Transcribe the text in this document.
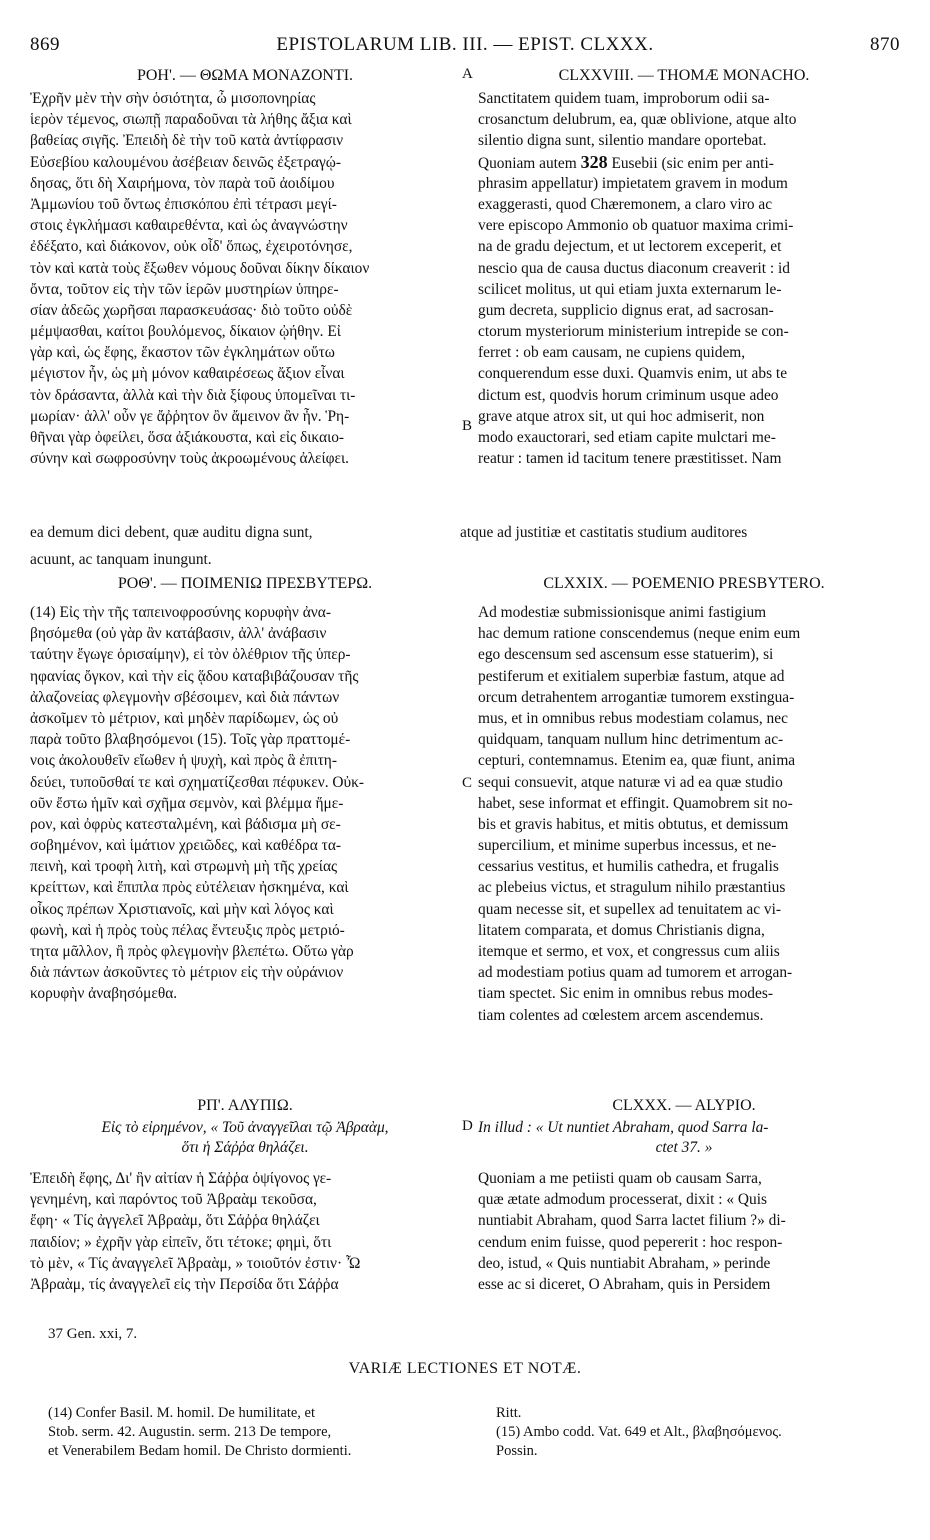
869	EPISTOLARUM LIB. III. — EPIST. CLXXX.	870
ΡΟΗ'. — ΘΩΜΑ ΜΟΝΑΖΟΝΤΙ.
Ἐχρῆν μὲν τὴν σὴν ὁσιότητα, ὦ μισοπονηρίας
ἱερὸν τέμενος, σιωπῇ παραδοῦναι τὰ λήθης ἄξια καὶ
βαθείας σιγῆς. Ἐπειδὴ δὲ τὴν τοῦ κατὰ ἀντίφρασιν
Εὐσεβίου καλουμένου ἀσέβειαν δεινῶς ἐξετραγῴ-
δησας, ὅτι δὴ Χαιρήμονα, τὸν παρὰ τοῦ ἀοιδίμου
Ἀμμωνίου τοῦ ὄντως ἐπισκόπου ἐπὶ τέτρασι μεγί-
στοις ἐγκλήμασι καθαιρεθέντα, καὶ ὡς ἀναγνώστην
ἐδέξατο, καὶ διάκονον, οὐκ οἶδ' ὅπως, ἐχειροτόνησε,
τὸν καὶ κατὰ τοὺς ἔξωθεν νόμους δοῦναι δίκην δίκαιον
ὄντα, τοῦτον εἰς τὴν τῶν ἱερῶν μυστηρίων ὑπηρε-
σίαν ἀδεῶς χωρῆσαι παρασκευάσας· διὸ τοῦτο οὐδὲ
μέμψασθαι, καίτοι βουλόμενος, δίκαιον ᾠήθην. Εἰ
γὰρ καὶ, ὡς ἔφης, ἕκαστον τῶν ἐγκλημάτων οὕτω
μέγιστον ἦν, ὡς μὴ μόνον καθαιρέσεως ἄξιον εἶναι
τὸν δράσαντα, ἀλλὰ καὶ τὴν διὰ ξίφους ὑπομεῖναι τι-
μωρίαν· ἀλλ' οὖν γε ἄῤῥητον ὂν ἄμεινον ἂν ἦν. Ῥη-
θῆναι γὰρ ὀφείλει, ὅσα ἀξιάκουστα, καὶ εἰς δικαιο-
σύνην καὶ σωφροσύνην τοὺς ἀκροωμένους ἀλείφει.
A	CLXXVIII. — THOMÆ MONACHO.
Sanctitatem quidem tuam, improborum odii sa-
crosanctum delubrum, ea, quæ oblivione, atque alto
silentio digna sunt, silentio mandare oportebat.
Quoniam autem 328 Eusebii (sic enim per anti-
phrasim appellatur) impietatem gravem in modum
exaggerasti, quod Chæremonem, a claro viro ac
vere episcopo Ammonio ob quatuor maxima crimi-
na de gradu dejectum, et ut lectorem exceperit, et
nescio qua de causa ductus diaconum creaverit : id
scilicet molitus, ut qui etiam juxta externarum le-
gum decreta, supplicio dignus erat, ad sacrosan-
ctorum mysteriorum ministerium intrepide se con-
ferret : ob eam causam, ne cupiens quidem,
conquerendum esse duxi. Quamvis enim, ut abs te
dictum est, quodvis horum criminum usque adeo
grave atque atrox sit, ut qui hoc admiserit, non
modo exauctorari, sed etiam capite mulctari me-
reatur : tamen id tacitum tenere præstitisset. Nam
ea demum dici debent, quæ auditu digna sunt,	atque ad justitiæ et castitatis studium auditores
acuunt, ac tanquam inungunt.
ΡΟΘ'. — ΠΟΙΜΕΝΙΩ ΠΡΕΣΒΥΤΕΡΩ.
(14) Εἰς τὴν τῆς ταπεινοφροσύνης κορυφὴν ἀνα-
βησόμεθα (οὐ γὰρ ἂν κατάβασιν, ἀλλ' ἀνάβασιν
ταύτην ἔγωγε ὁρισαίμην), εἰ τὸν ὀλέθριον τῆς ὑπερ-
ηφανίας ὄγκον, καὶ τὴν εἰς ᾅδου καταβιβάζουσαν τῆς
ἀλαζονείας φλεγμονὴν σβέσοιμεν, καὶ διὰ πάντων
ἀσκοῖμεν τὸ μέτριον, καὶ μηδὲν παρίδωμεν, ὡς οὐ
παρὰ τοῦτο βλαβησόμενοι (15). Τοῖς γὰρ πραττομέ-
νοις ἀκολουθεῖν εἴωθεν ἡ ψυχὴ, καὶ πρὸς ἃ ἐπιτη-
δεύει, τυποῦσθαί τε καὶ σχηματίζεσθαι πέφυκεν. Οὐκ-
οῦν ἔστω ἡμῖν καὶ σχῆμα σεμνὸν, καὶ βλέμμα ἥμε-
ρον, καὶ ὀφρὺς κατεσταλμένη, καὶ βάδισμα μὴ σε-
σοβημένον, καὶ ἱμάτιον χρειῶδες, καὶ καθέδρα τα-
πεινὴ, καὶ τροφὴ λιτὴ, καὶ στρωμνὴ μὴ τῆς χρείας
κρείττων, καὶ ἔπιπλα πρὸς εὐτέλειαν ἠσκημένα, καὶ
οἶκος πρέπων Χριστιανοῖς, καὶ μὴν καὶ λόγος καὶ
φωνὴ, καὶ ἡ πρὸς τοὺς πέλας ἔντευξις πρὸς μετριό-
τητα μᾶλλον, ἢ πρὸς φλεγμονὴν βλεπέτω. Οὕτω γὰρ
διὰ πάντων ἀσκοῦντες τὸ μέτριον εἰς τὴν οὐράνιον
κορυφὴν ἀναβησόμεθα.
CLXXIX. — POEMENIO PRESBYTERO.
Ad modestiæ submissionisque animi fastigium
hac demum ratione conscendemus (neque enim eum
ego descensum sed ascensum esse statuerim), si
pestiferum et exitialem superbiæ fastum, atque ad
orcum detrahentem arrogantiæ tumorem exstingua-
mus, et in omnibus rebus modestiam colamus, nec
quidquam, tanquam nullum hinc detrimentum ac-
cepturi, contemnamus. Etenim ea, quæ fiunt, anima
sequi consuevit, atque naturæ vi ad ea quæ studio
habet, sese informat et effingit. Quamobrem sit no-
bis et gravis habitus, et mitis obtutus, et demissum
supercilium, et minime superbus incessus, et ne-
cessarius vestitus, et humilis cathedra, et frugalis
ac plebeius victus, et stragulum nihilo præstantius
quam necesse sit, et supellex ad tenuitatem ac vi-
litatem comparata, et domus Christianis digna,
itemque et sermo, et vox, et congressus cum aliis
ad modestiam potius quam ad tumorem et arrogan-
tiam spectet. Sic enim in omnibus rebus modes-
tiam colentes ad cœlestem arcem ascendemus.
C
B
ΡΠ'. ΑΛΥΠΙΩ.
Εἰς τὸ εἰρημένον, « Τοῦ ἀναγγεῖλαι τῷ Ἀβραὰμ,
ὅτι ἡ Σάῤῥα θηλάζει.
Ἐπειδὴ ἔφης, Δι' ἣν αἰτίαν ἡ Σάῤῥα ὀψίγονος γε-
γενημένη, καὶ παρόντος τοῦ Ἀβραὰμ τεκοῦσα,
ἔφη· « Τίς ἀγγελεῖ Ἀβραὰμ, ὅτι Σάῤῥα θηλάζει
παιδίον; » ἐχρῆν γὰρ εἰπεῖν, ὅτι τέτοκε; φημὶ, ὅτι
τὸ μὲν, « Τίς ἀναγγελεῖ Ἀβραὰμ, » τοιοῦτόν ἐστιν· Ὦ
Ἀβραὰμ, τίς ἀναγγελεῖ εἰς τὴν Περσίδα ὅτι Σάῤῥα
D
CLXXX. — ALYPIO.
In illud : « Ut nuntiet Abraham, quod Sarra la-
ctet 37. »
Quoniam a me petiisti quam ob causam Sarra,
quæ ætate admodum processerat, dixit : « Quis
nuntiabit Abraham, quod Sarra lactet filium ?» di-
cendum enim fuisse, quod pepererit : hoc respon-
deo, istud, « Quis nuntiabit Abraham, » perinde
esse ac si diceret, O Abraham, quis in Persidem
37 Gen. xxi, 7.
VARIÆ LECTIONES ET NOTÆ.
(14) Confer Basil. M. homil. De humilitate, et
Stob. serm. 42. Augustin. serm. 213 De tempore,
et Venerabilem Bedam homil. De Christo dormienti.
Ritt.
(15) Ambo codd. Vat. 649 et Alt., βλαβησόμενος.
Possin.
